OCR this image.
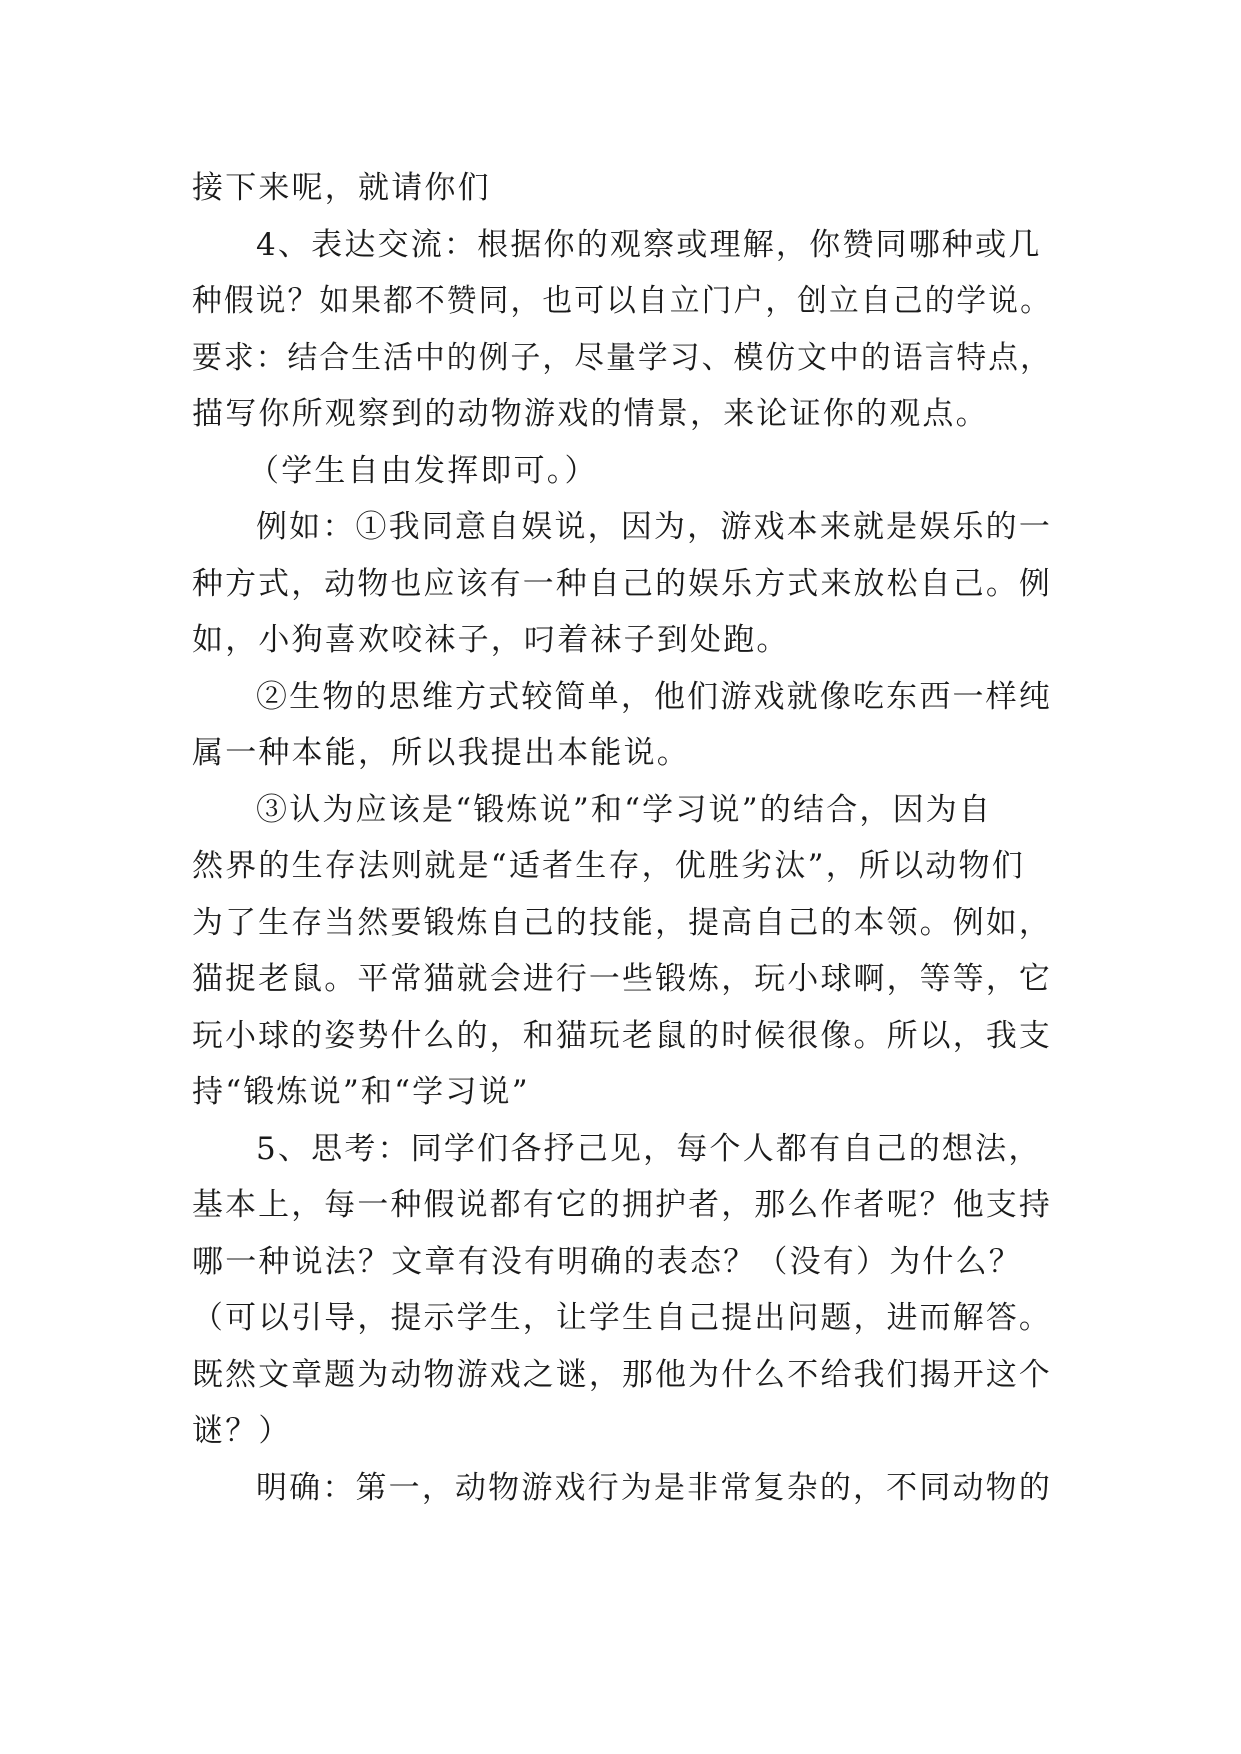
接下来呢，就请你们
4、表达交流：根据你的观察或理解，你赞同哪种或几
种假说？如果都不赞同，也可以自立门户，创立自己的学说。
要求：结合生活中的例子，尽量学习、模仿文中的语言特点，
描写你所观察到的动物游戏的情景，来论证你的观点。
（学生自由发挥即可。）
例如：①我同意自娱说，因为，游戏本来就是娱乐的一
种方式，动物也应该有一种自己的娱乐方式来放松自己。例
如，小狗喜欢咬袜子，叼着袜子到处跑。
②生物的思维方式较简单，他们游戏就像吃东西一样纯
属一种本能，所以我提出本能说。
③认为应该是“锻炼说”和“学习说”的结合，因为自
然界的生存法则就是“适者生存，优胜劣汰”，所以动物们
为了生存当然要锻炼自己的技能，提高自己的本领。例如，
猫捉老鼠。平常猫就会进行一些锻炼，玩小球啊，等等，它
玩小球的姿势什么的，和猫玩老鼠的时候很像。所以，我支
持“锻炼说”和“学习说”
5、思考：同学们各抒己见，每个人都有自己的想法，
基本上，每一种假说都有它的拥护者，那么作者呢？他支持
哪一种说法？文章有没有明确的表态？（没有）为什么？
（可以引导，提示学生，让学生自己提出问题，进而解答。
既然文章题为动物游戏之谜，那他为什么不给我们揭开这个
谜？）
明确：第一，动物游戏行为是非常复杂的，不同动物的
